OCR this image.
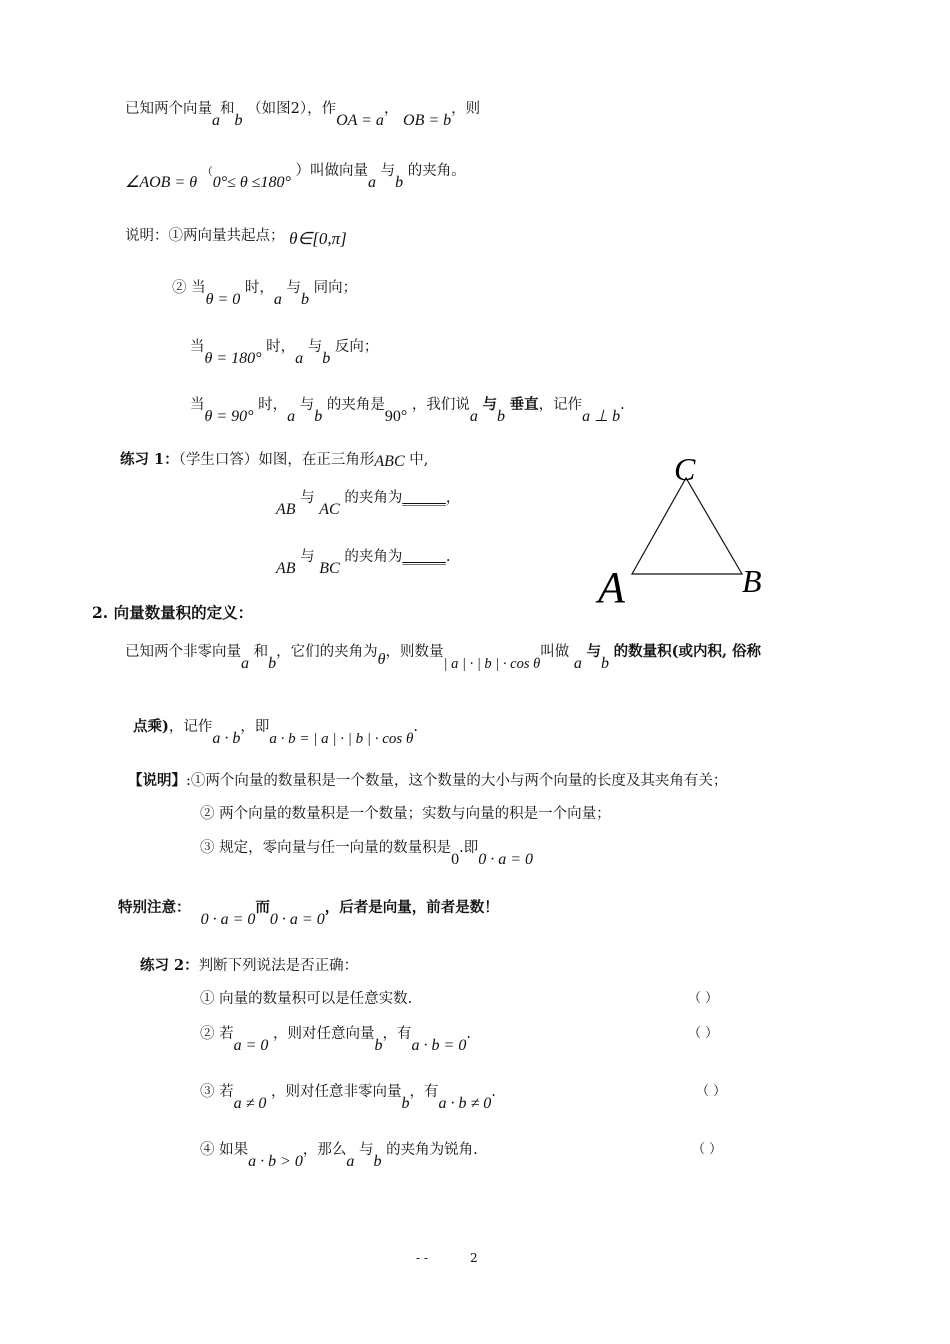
已知两个向量a和b （如图2），作OA = a， OB = b，则
∠AOB = θ （0°≤ θ ≤180° ）叫做向量a 与b 的夹角。
说明：①两向量共起点； θ∈[0,π]
② 当θ = 0 时，a 与b 同向；
当θ = 180° 时，a 与b 反向；
当θ = 90° 时，a 与b 的夹角是90° ，我们说a 与b 垂直，记作a ⊥ b.
练习 1：（学生口答）如图，在正三角形ABC 中,
AB 与 AC 的夹角为______，
AB 与 BC 的夹角为______.
C
A	B
2. 向量数量积的定义：
已知两个非零向量a 和b，它们的夹角为θ，则数量| a | · | b | · cos θ叫做 a 与b 的数量积(或内积, 俗称
点乘)，记作a · b，即a · b = | a | · | b | · cos θ.
【说明】:①两个向量的数量积是一个数量，这个数量的大小与两个向量的长度及其夹角有关；
② 两个向量的数量积是一个数量；实数与向量的积是一个向量；
③ 规定，零向量与任一向量的数量积是0.即0 · a = 0
特别注意：  0 · a = 0而0 · a = 0，后者是向量，前者是数！
练习 2：判断下列说法是否正确：
① 向量的数量积可以是任意实数.	（ ）
② 若a = 0 ，则对任意向量b，有a · b = 0.	（ ）
③ 若a ≠ 0 ，则对任意非零向量b，有a · b ≠ 0.	（ ）
④ 如果a · b > 0，那么a 与b 的夹角为锐角.	（ ）
- -	2
